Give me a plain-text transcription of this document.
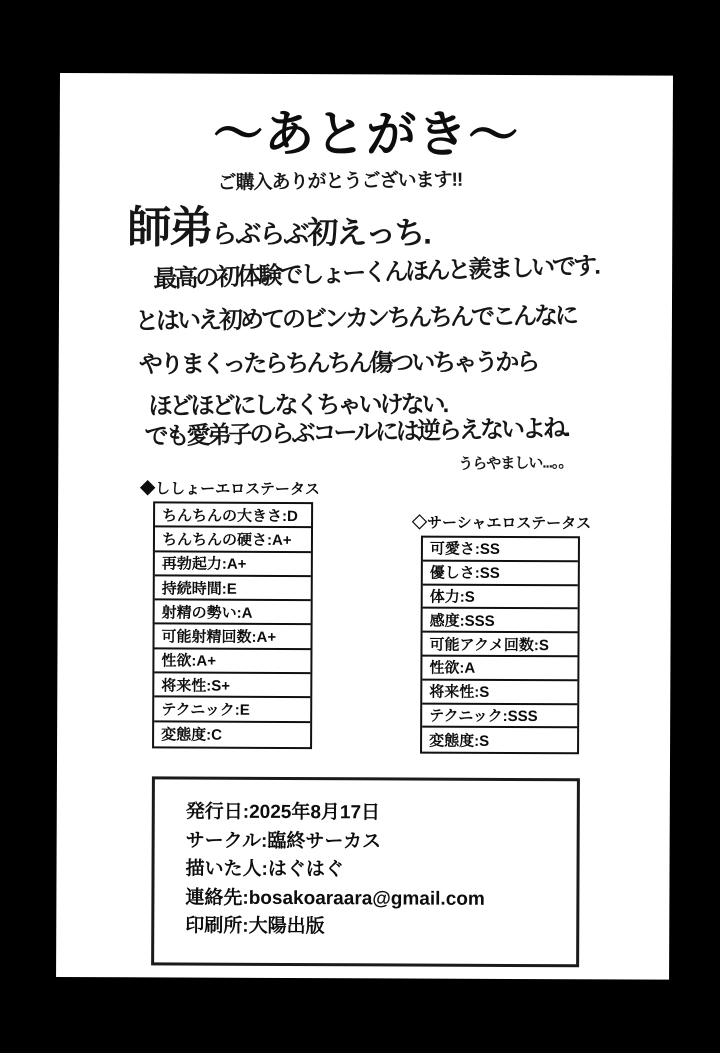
〜あとがき〜
ご購入ありがとうございます!!
師弟らぶらぶ初えっち.
最高の初体験でしょーくんほんと羨ましいです.
とはいえ初めてのビンカンちんちんでこんなに
やりまくったらちんちん傷ついちゃうから
ほどほどにしなくちゃいけない.
でも愛弟子のらぶコールには逆らえないよね.
うらやましい...。。
◆ししょーエロステータス
ちんちんの大きさ:D
ちんちんの硬さ:A+
再勃起力:A+
持続時間:E
射精の勢い:A
可能射精回数:A+
性欲:A+
将来性:S+
テクニック:E
変態度:C
◇サーシャエロステータス
可愛さ:SS
優しさ:SS
体力:S
感度:SSS
可能アクメ回数:S
性欲:A
将来性:S
テクニック:SSS
変態度:S
発行日:2025年8月17日
サークル:臨終サーカス
描いた人:はぐはぐ
連絡先:bosakoaraara@gmail.com
印刷所:大陽出版
